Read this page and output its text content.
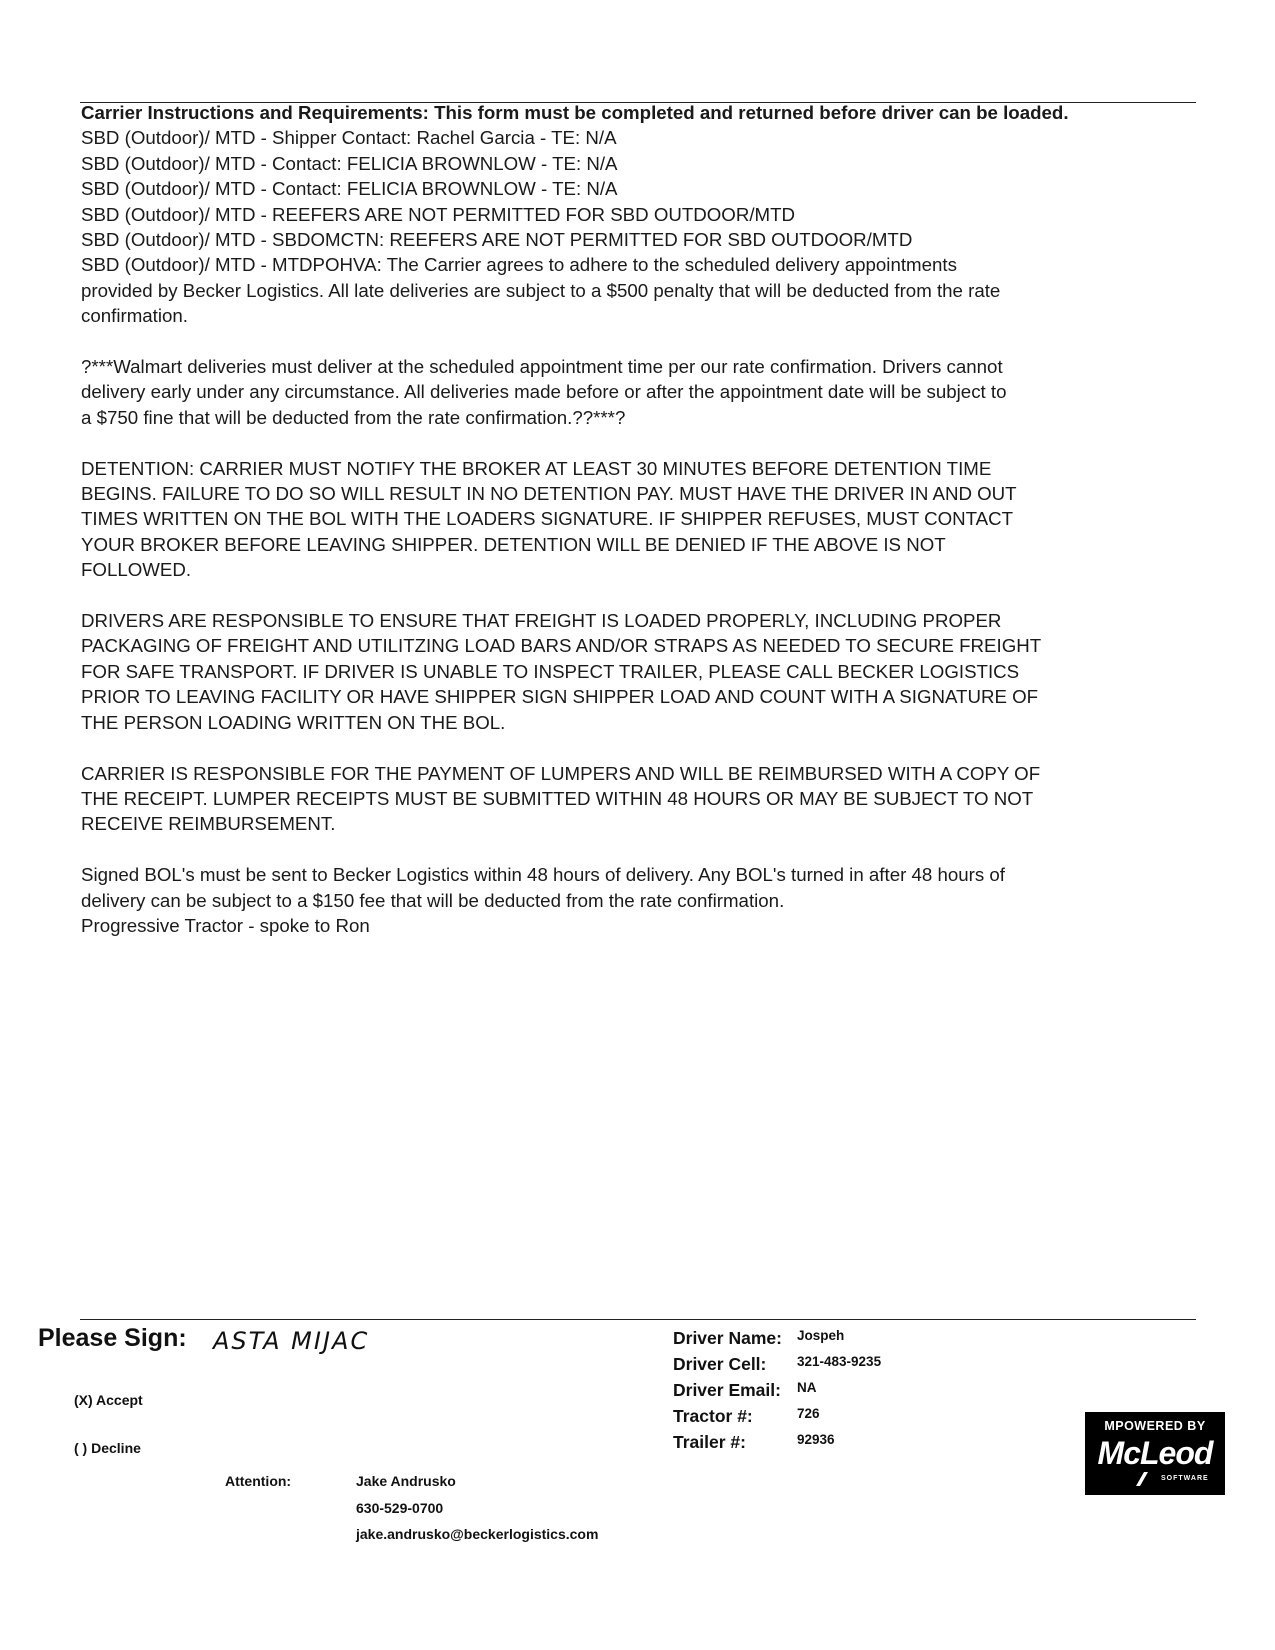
Carrier Instructions and Requirements: This form must be completed and returned before driver can be loaded.
SBD (Outdoor)/ MTD - Shipper Contact: Rachel Garcia - TE: N/A
SBD (Outdoor)/ MTD - Contact: FELICIA BROWNLOW - TE: N/A
SBD (Outdoor)/ MTD - Contact: FELICIA BROWNLOW - TE: N/A
SBD (Outdoor)/ MTD - REEFERS ARE NOT PERMITTED FOR SBD OUTDOOR/MTD
SBD (Outdoor)/ MTD - SBDOMCTN: REEFERS ARE NOT PERMITTED FOR SBD OUTDOOR/MTD
SBD (Outdoor)/ MTD - MTDPOHVA: The Carrier agrees to adhere to the scheduled delivery appointments
provided by Becker Logistics. All late deliveries are subject to a $500 penalty that will be deducted from the rate
confirmation.
?***Walmart deliveries must deliver at the scheduled appointment time per our rate confirmation. Drivers cannot
delivery early under any circumstance. All deliveries made before or after the appointment date will be subject to
a $750 fine that will be deducted from the rate confirmation.??***?
DETENTION: CARRIER MUST NOTIFY THE BROKER AT LEAST 30 MINUTES BEFORE DETENTION TIME
BEGINS. FAILURE TO DO SO WILL RESULT IN NO DETENTION PAY. MUST HAVE THE DRIVER IN AND OUT
TIMES WRITTEN ON THE BOL WITH THE LOADERS SIGNATURE. IF SHIPPER REFUSES, MUST CONTACT
YOUR BROKER BEFORE LEAVING SHIPPER. DETENTION WILL BE DENIED IF THE ABOVE IS NOT
FOLLOWED.
DRIVERS ARE RESPONSIBLE TO ENSURE THAT FREIGHT IS LOADED PROPERLY, INCLUDING PROPER
PACKAGING OF FREIGHT AND UTILITZING LOAD BARS AND/OR STRAPS AS NEEDED TO SECURE FREIGHT
FOR SAFE TRANSPORT. IF DRIVER IS UNABLE TO INSPECT TRAILER, PLEASE CALL BECKER LOGISTICS
PRIOR TO LEAVING FACILITY OR HAVE SHIPPER SIGN SHIPPER LOAD AND COUNT WITH A SIGNATURE OF
THE PERSON LOADING WRITTEN ON THE BOL.
CARRIER IS RESPONSIBLE FOR THE PAYMENT OF LUMPERS AND WILL BE REIMBURSED WITH A COPY OF
THE RECEIPT. LUMPER RECEIPTS MUST BE SUBMITTED WITHIN 48 HOURS OR MAY BE SUBJECT TO NOT
RECEIVE REIMBURSEMENT.
Signed BOL's must be sent to Becker Logistics within 48 hours of delivery. Any BOL's turned in after 48 hours of
delivery can be subject to a $150 fee that will be deducted from the rate confirmation.
Progressive Tractor - spoke to Ron
Please Sign: ASTA MIJAC
(X) Accept
( ) Decline
Attention:	Jake Andrusko
630-529-0700
jake.andrusko@beckerlogistics.com
Driver Name: Jospeh
Driver Cell: 321-483-9235
Driver Email: NA
Tractor #:	726
Trailer #:	92936
MPOWERED BY
McLeod
SOFTWARE
